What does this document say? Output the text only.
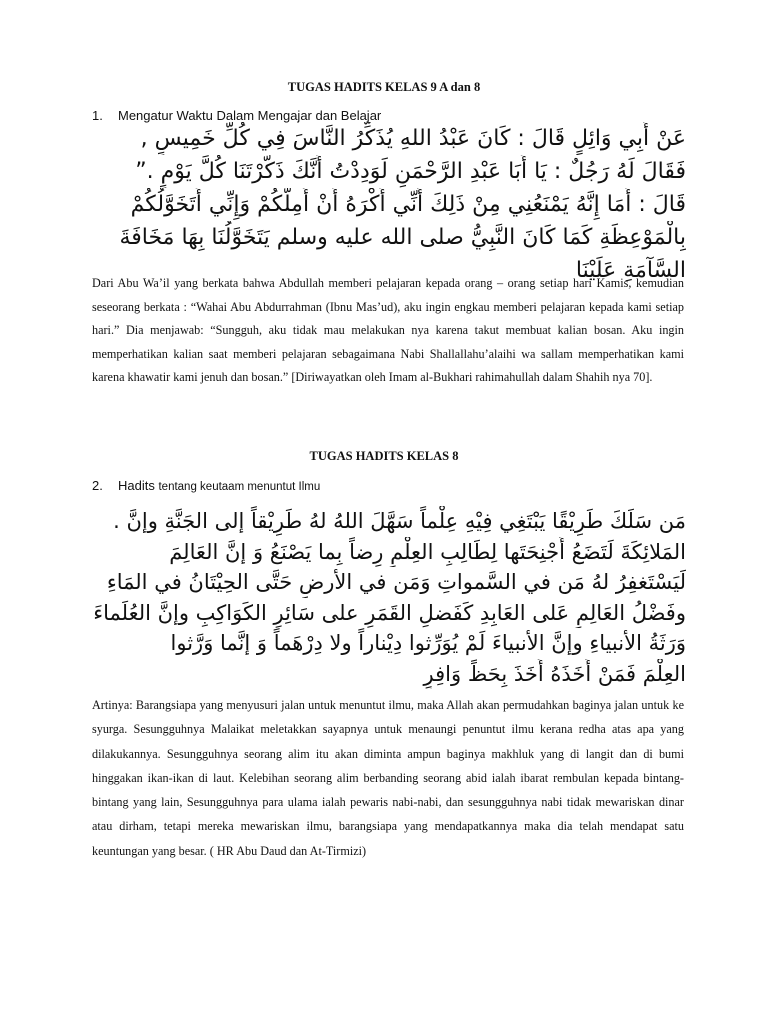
TUGAS HADITS KELAS 9 A dan 8
1. Mengatur Waktu Dalam Mengajar dan Belajar
عَنْ أَبِي وَائِلٍ قَالَ : كَانَ عَبْدُ اللهِ يُذَكِّرُ النَّاسَ فِي كُلِّ خَمِيسٍ ,
فَقَالَ لَهُ رَجُلٌ : يَا أَبَا عَبْدِ الرَّحْمَنِ لَوَدِدْتُ أَنَّكَ ذَكَّرْتَنَا كُلَّ يَوْمٍ .”
قَالَ : أَمَا إِنَّهُ يَمْنَعُنِي مِنْ ذَلِكَ أَنِّي أَكْرَهُ أَنْ أُمِلَّكُمْ وَإِنِّي أَتَخَوَّلُكُمْ
بِالْمَوْعِظَةِ كَمَا كَانَ النَّبِيُّ صلى الله عليه وسلم يَتَخَوَّلُنَا بِهَا مَخَافَةَ
السَّآمَةِ عَلَيْنَا
Dari Abu Wa’il yang berkata bahwa Abdullah memberi pelajaran kepada orang – orang setiap hari Kamis, kemudian seseorang berkata : “Wahai Abu Abdurrahman (Ibnu Mas’ud), aku ingin engkau memberi pelajaran kepada kami setiap hari.” Dia menjawab: “Sungguh, aku tidak mau melakukan nya karena takut membuat kalian bosan. Aku ingin memperhatikan kalian saat memberi pelajaran sebagaimana Nabi Shallallahu’alaihi wa sallam memperhatikan kami karena khawatir kami jenuh dan bosan.” [Diriwayatkan oleh Imam al-Bukhari rahimahullah dalam Shahih nya 70].
TUGAS HADITS KELAS 8
2. Hadits tentang keutaam menuntut Ilmu
مَن سَلَكَ طَرِيْقًا يَبْتَغِي فِيْهِ عِلْماً سَهَّلَ اللهُ لهُ طَرِيْقاً إلى الجَنَّةِ وإنَّ .
المَلائِكَةَ لَتَضَعُ أَجْنِحَتَها لِطَالِبِ العِلْمِ رِضاً بِما يَصْنَعُ وَ إنَّ العَالِمَ
لَيَسْتَغفِرُ لهُ مَن في السَّمواتِ وَمَن في الأرضِ حَتَّى الحِيْتَانُ في المَاءِ
وفَضْلُ العَالِمِ عَلى العَابِدِ كَفَضلِ القَمَرِ على سَائِرِ الكَوَاكِبِ وإنَّ العُلَماءَ
وَرَثَةُ الأنبياءِ وإنَّ الأنبياءَ لَمْ يُوَرِّثوا دِيْناراً ولا دِرْهَماً وَ إنَّما وَرَّثوا
العِلْمَ فَمَنْ أَخَذَهُ أَخَذَ بِحَظٍّ وَافِرٍ
Artinya: Barangsiapa yang menyusuri jalan untuk menuntut ilmu, maka Allah akan permudahkan baginya jalan untuk ke syurga. Sesungguhnya Malaikat meletakkan sayapnya untuk menaungi penuntut ilmu kerana redha atas apa yang dilakukannya. Sesungguhnya seorang alim itu akan diminta ampun baginya makhluk yang di langit dan di bumi hinggakan ikan-ikan di laut. Kelebihan seorang alim berbanding seorang abid ialah ibarat rembulan kepada bintang-bintang yang lain, Sesungguhnya para ulama ialah pewaris nabi-nabi, dan sesungguhnya nabi tidak mewariskan dinar atau dirham, tetapi mereka mewariskan ilmu, barangsiapa yang mendapatkannya maka dia telah mendapat satu keuntungan yang besar. ( HR Abu Daud dan At-Tirmizi)
